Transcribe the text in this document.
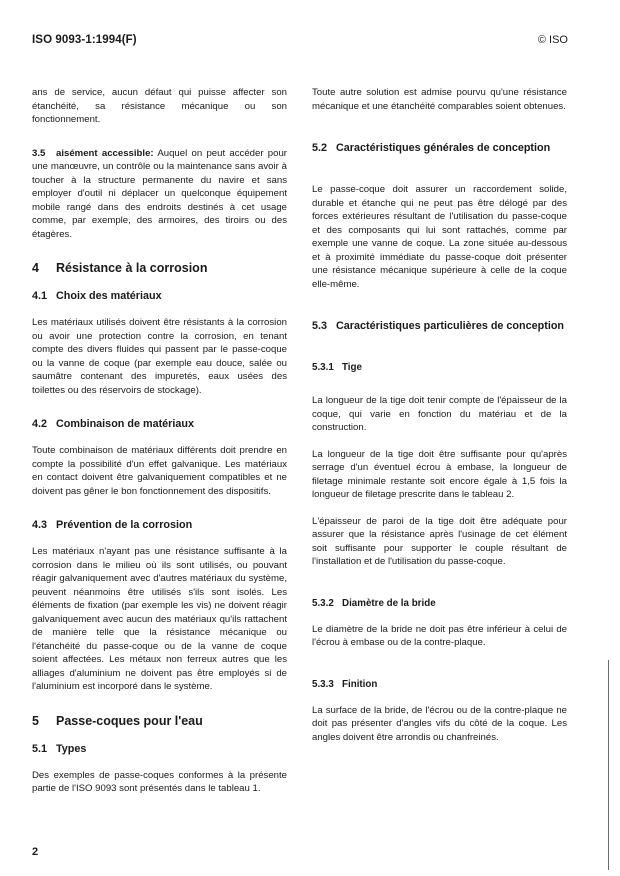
ISO 9093-1:1994(F)	© ISO

ans de service, aucun défaut qui puisse affecter son étanchéité, sa résistance mécanique ou son fonctionnement.

3.5 aisément accessible: Auquel on peut accéder pour une manœuvre, un contrôle ou la maintenance sans avoir à toucher à la structure permanente du navire et sans employer d'outil ni déplacer un quelconque équipement mobile rangé dans des endroits destinés à cet usage comme, par exemple, des armoires, des tiroirs ou des étagères.

4 Résistance à la corrosion
4.1 Choix des matériaux

Les matériaux utilisés doivent être résistants à la corrosion ou avoir une protection contre la corrosion, en tenant compte des divers fluides qui passent par le passe-coque ou la vanne de coque (par exemple eau douce, salée ou saumâtre contenant des impuretés, eaux usées des toilettes ou des réservoirs de stockage).

4.2 Combinaison de matériaux

Toute combinaison de matériaux différents doit prendre en compte la possibilité d'un effet galvanique. Les matériaux en contact doivent être galvaniquement compatibles et ne doivent pas gêner le bon fonctionnement des dispositifs.

4.3 Prévention de la corrosion

Les matériaux n'ayant pas une résistance suffisante à la corrosion dans le milieu où ils sont utilisés, ou pouvant réagir galvaniquement avec d'autres matériaux du système, peuvent néanmoins être utilisés s'ils sont isolés. Les éléments de fixation (par exemple les vis) ne doivent réagir galvaniquement avec aucun des matériaux qu'ils rattachent de manière telle que la résistance mécanique ou l'étanchéité du passe-coque ou de la vanne de coque soient affectées. Les métaux non ferreux autres que les alliages d'aluminium ne doivent pas être employés si de l'aluminium est incorporé dans le système.

5 Passe-coques pour l'eau
5.1 Types

Des exemples de passe-coques conformes à la présente partie de l'ISO 9093 sont présentés dans le tableau 1.

Toute autre solution est admise pourvu qu'une résistance mécanique et une étanchéité comparables soient obtenues.

5.2 Caractéristiques générales de conception

Le passe-coque doit assurer un raccordement solide, durable et étanche qui ne peut pas être délogé par des forces extérieures résultant de l'utilisation du passe-coque et des composants qui lui sont rattachés, comme par exemple une vanne de coque. La zone située au-dessous et à proximité immédiate du passe-coque doit présenter une résistance mécanique supérieure à celle de la coque elle-même.

5.3 Caractéristiques particulières de conception
5.3.1 Tige

La longueur de la tige doit tenir compte de l'épaisseur de la coque, qui varie en fonction du matériau et de la construction.

La longueur de la tige doit être suffisante pour qu'après serrage d'un éventuel écrou à embase, la longueur de filetage minimale restante soit encore égale à 1,5 fois la longueur de filetage prescrite dans le tableau 2.

L'épaisseur de paroi de la tige doit être adéquate pour assurer que la résistance après l'usinage de cet élément soit suffisante pour supporter le couple résultant de l'installation et de l'utilisation du passe-coque.

5.3.2 Diamètre de la bride

Le diamètre de la bride ne doit pas être inférieur à celui de l'écrou à embase ou de la contre-plaque.

5.3.3 Finition

La surface de la bride, de l'écrou ou de la contre-plaque ne doit pas présenter d'angles vifs du côté de la coque. Les angles doivent être arrondis ou chanfreinés.

2
